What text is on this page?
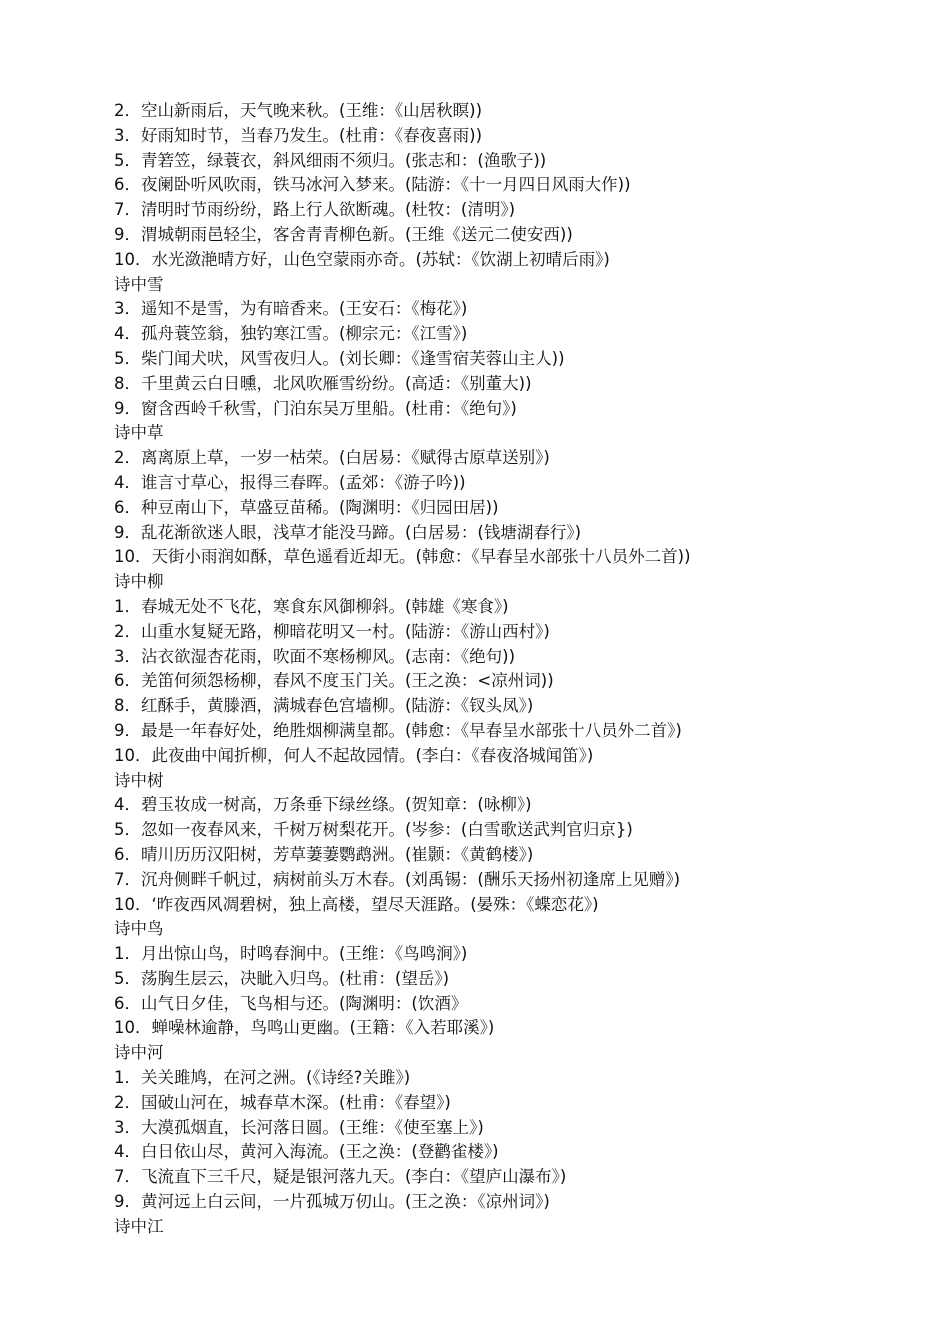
2．空山新雨后，天气晚来秋。(王维：《山居秋瞑))
3．好雨知时节，当春乃发生。(杜甫：《春夜喜雨))
5．青箬笠，绿蓑衣，斜风细雨不须归。(张志和：(渔歌子))
6．夜阑卧听风吹雨，铁马冰河入梦来。(陆游：《十一月四日风雨大作))
7．清明时节雨纷纷，路上行人欲断魂。(杜牧：(清明》)
9．渭城朝雨邑轻尘，客舍青青柳色新。(王维《送元二使安西))
10．水光潋滟晴方好，山色空蒙雨亦奇。(苏轼：《饮湖上初晴后雨》)
诗中雪
3．遥知不是雪，为有暗香来。(王安石：《梅花》)
4．孤舟蓑笠翁，独钓寒江雪。(柳宗元：《江雪》)
5．柴门闻犬吠，风雪夜归人。(刘长卿：《逢雪宿芙蓉山主人))
8．千里黄云白日曛，北风吹雁雪纷纷。(高适：《别董大))
9．窗含西岭千秋雪，门泊东吴万里船。(杜甫：《绝句》)
诗中草
2．离离原上草，一岁一枯荣。(白居易：《赋得古原草送别》)
4．谁言寸草心，报得三春晖。(孟郊：《游子吟))
6．种豆南山下，草盛豆苗稀。(陶渊明：《归园田居))
9．乱花渐欲迷人眼，浅草才能没马蹄。(白居易：(钱塘湖春行》)
10．天街小雨润如酥，草色遥看近却无。(韩愈：《早春呈水部张十八员外二首))
诗中柳
1．春城无处不飞花，寒食东风御柳斜。(韩雄《寒食》)
2．山重水复疑无路，柳暗花明又一村。(陆游：《游山西村》)
3．沾衣欲湿杏花雨，吹面不寒杨柳风。(志南：《绝句))
6．羌笛何须怨杨柳，春风不度玉门关。(王之涣：<凉州词))
8．红酥手，黄滕酒，满城春色宫墙柳。(陆游：《钗头凤》)
9．最是一年春好处，绝胜烟柳满皇都。(韩愈：《早春呈水部张十八员外二首》)
10．此夜曲中闻折柳，何人不起故园情。(李白：《春夜洛城闻笛》)
诗中树
4．碧玉妆成一树高，万条垂下绿丝绦。(贺知章：(咏柳》)
5．忽如一夜春风来，千树万树梨花开。(岑参：(白雪歌送武判官归京})
6．晴川历历汉阳树，芳草萋萋鹦鹉洲。(崔颢：《黄鹤楼》)
7．沉舟侧畔千帆过，病树前头万木春。(刘禹锡：(酬乐天扬州初逢席上见赠》)
10．‘昨夜西风凋碧树，独上高楼，望尽天涯路。(晏殊：《蝶恋花》)
诗中鸟
1．月出惊山鸟，时鸣春涧中。(王维：《鸟鸣涧》)
5．荡胸生层云，决眦入归鸟。(杜甫：(望岳》)
6．山气日夕佳，飞鸟相与还。(陶渊明：(饮酒》
10．蝉噪林逾静，鸟鸣山更幽。(王籍：《入若耶溪》)
诗中河
1．关关雎鸠，在河之洲。(《诗经?关雎》)
2．国破山河在，城春草木深。(杜甫：《春望》)
3．大漠孤烟直，长河落日圆。(王维：《使至塞上》)
4．白日依山尽，黄河入海流。(王之涣：(登鹳雀楼》)
7．飞流直下三千尺，疑是银河落九天。(李白：《望庐山瀑布》)
9．黄河远上白云间，一片孤城万仞山。(王之涣：《凉州词》)
诗中江
